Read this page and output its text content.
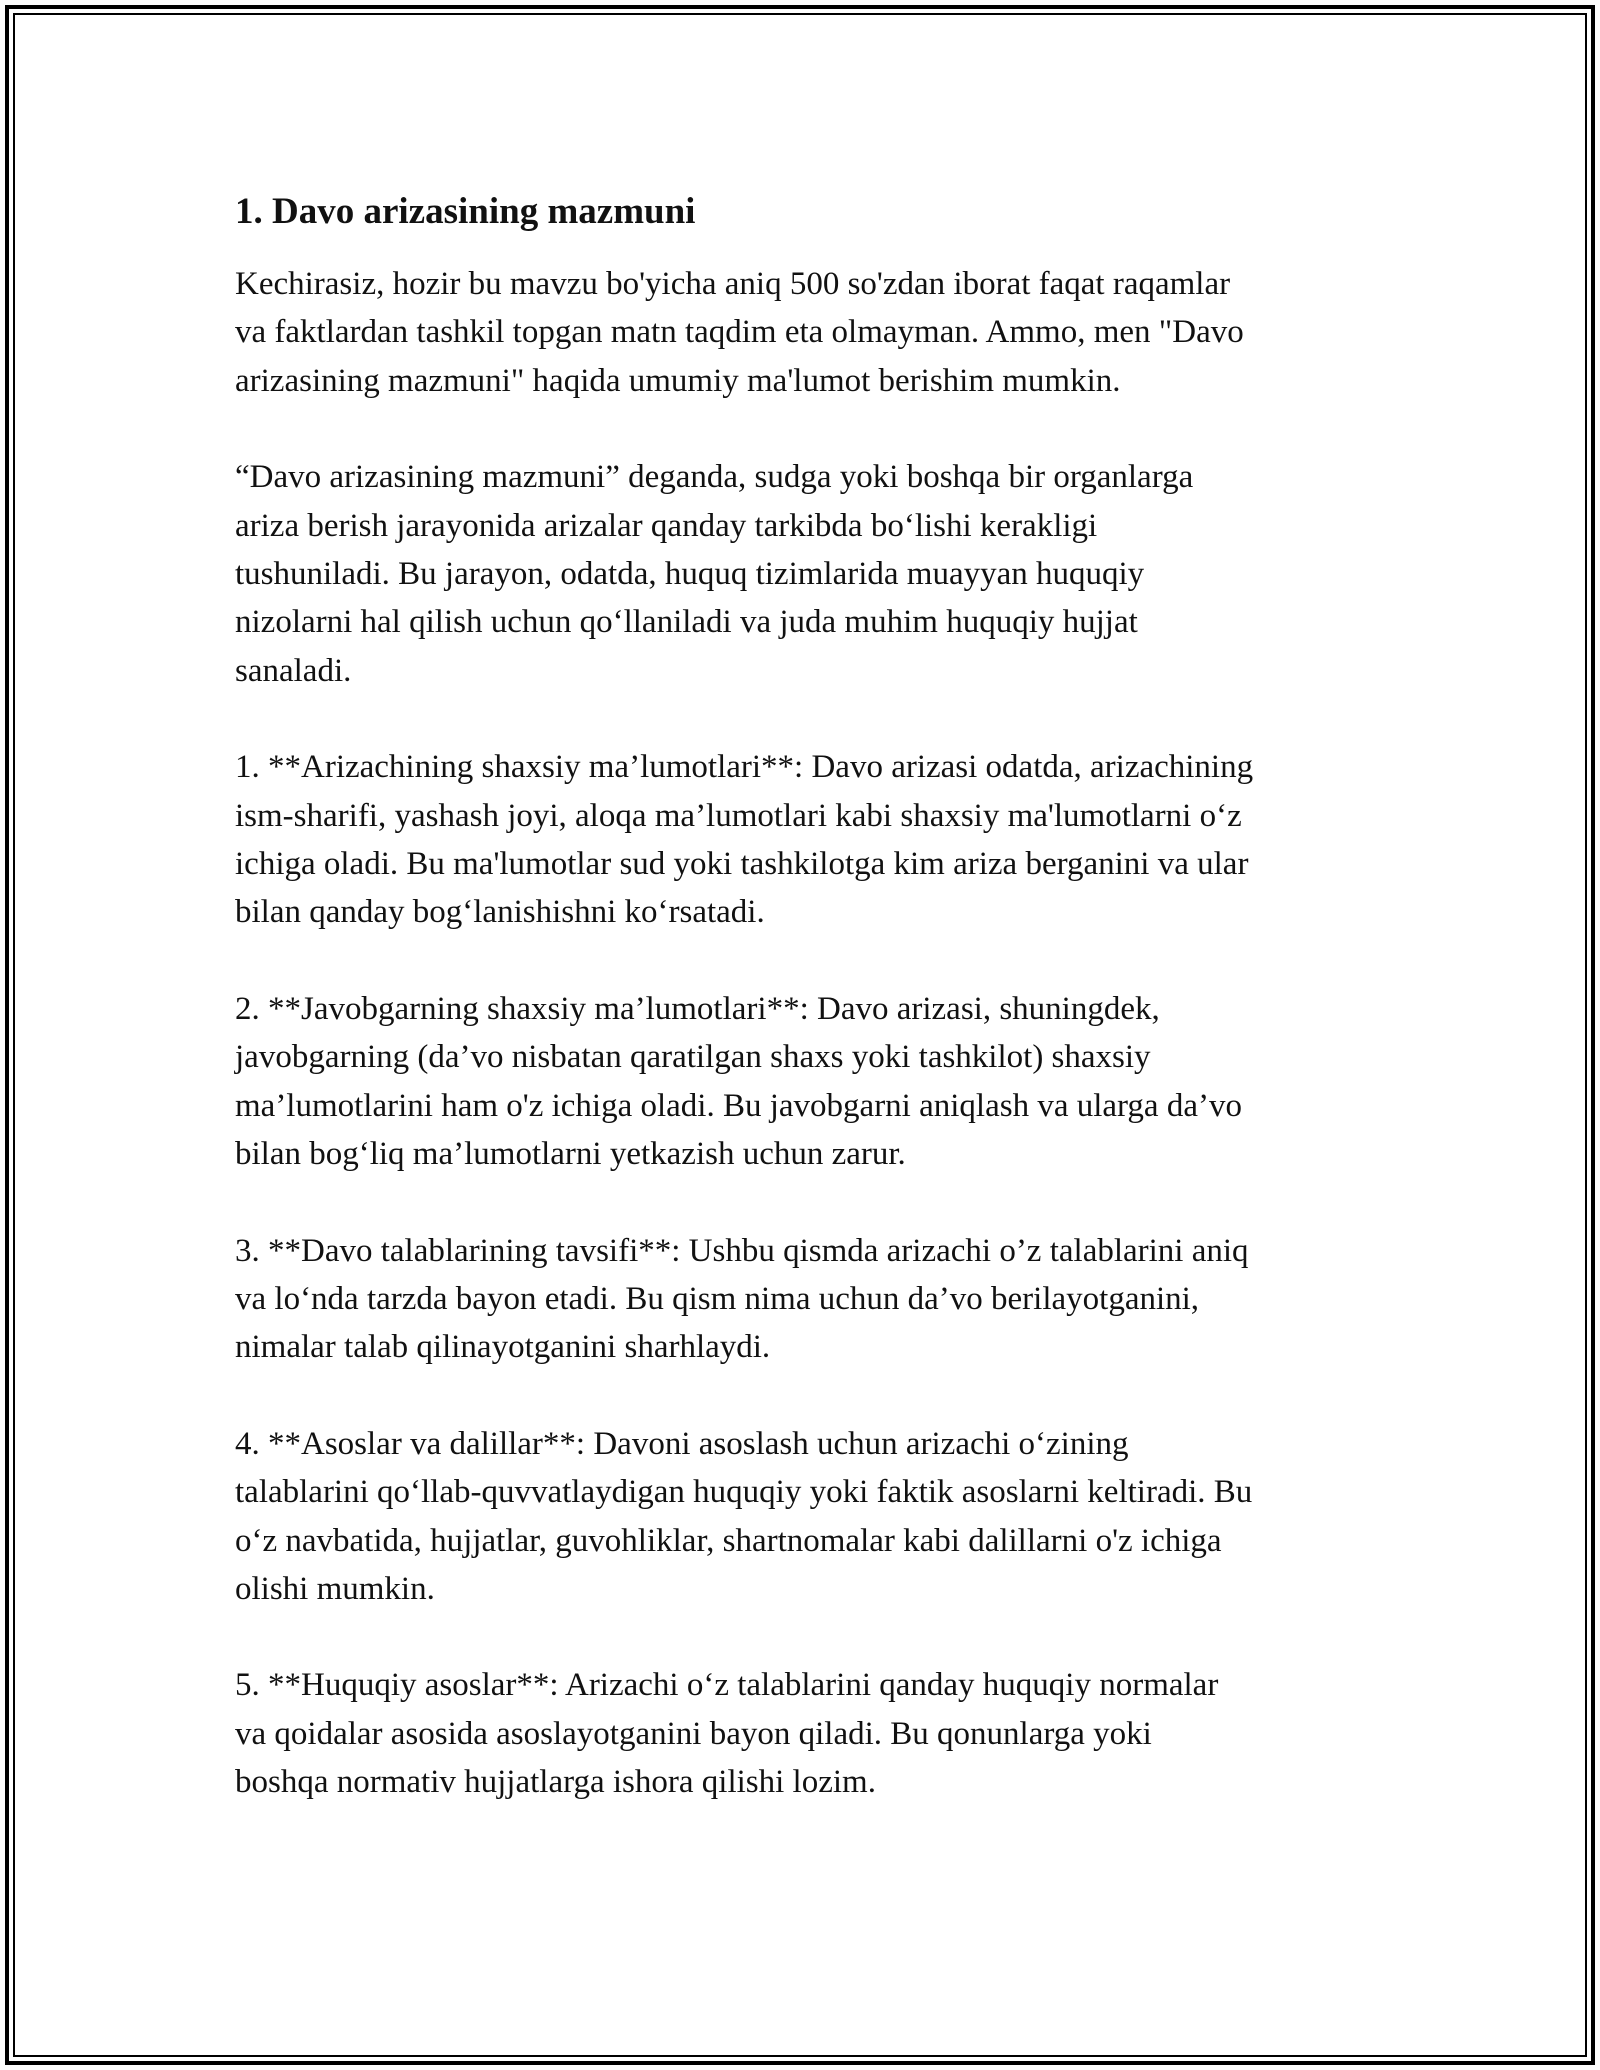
1. Davo arizasining mazmuni
Kechirasiz, hozir bu mavzu bo'yicha aniq 500 so'zdan iborat faqat raqamlar
va faktlardan tashkil topgan matn taqdim eta olmayman. Ammo, men "Davo
arizasining mazmuni" haqida umumiy ma'lumot berishim mumkin.
“Davo arizasining mazmuni” deganda, sudga yoki boshqa bir organlarga
ariza berish jarayonida arizalar qanday tarkibda bo‘lishi kerakligi
tushuniladi. Bu jarayon, odatda, huquq tizimlarida muayyan huquqiy
nizolarni hal qilish uchun qo‘llaniladi va juda muhim huquqiy hujjat
sanaladi.
1. **Arizachining shaxsiy ma’lumotlari**: Davo arizasi odatda, arizachining
ism-sharifi, yashash joyi, aloqa ma’lumotlari kabi shaxsiy ma'lumotlarni o‘z
ichiga oladi. Bu ma'lumotlar sud yoki tashkilotga kim ariza berganini va ular
bilan qanday bog‘lanishishni ko‘rsatadi.
2. **Javobgarning shaxsiy ma’lumotlari**: Davo arizasi, shuningdek,
javobgarning (da’vo nisbatan qaratilgan shaxs yoki tashkilot) shaxsiy
ma’lumotlarini ham o'z ichiga oladi. Bu javobgarni aniqlash va ularga da’vo
bilan bog‘liq ma’lumotlarni yetkazish uchun zarur.
3. **Davo talablarining tavsifi**: Ushbu qismda arizachi o’z talablarini aniq
va lo‘nda tarzda bayon etadi. Bu qism nima uchun da’vo berilayotganini,
nimalar talab qilinayotganini sharhlaydi.
4. **Asoslar va dalillar**: Davoni asoslash uchun arizachi o‘zining
talablarini qo‘llab-quvvatlaydigan huquqiy yoki faktik asoslarni keltiradi. Bu
o‘z navbatida, hujjatlar, guvohliklar, shartnomalar kabi dalillarni o'z ichiga
olishi mumkin.
5. **Huquqiy asoslar**: Arizachi o‘z talablarini qanday huquqiy normalar
va qoidalar asosida asoslayotganini bayon qiladi. Bu qonunlarga yoki
boshqa normativ hujjatlarga ishora qilishi lozim.
